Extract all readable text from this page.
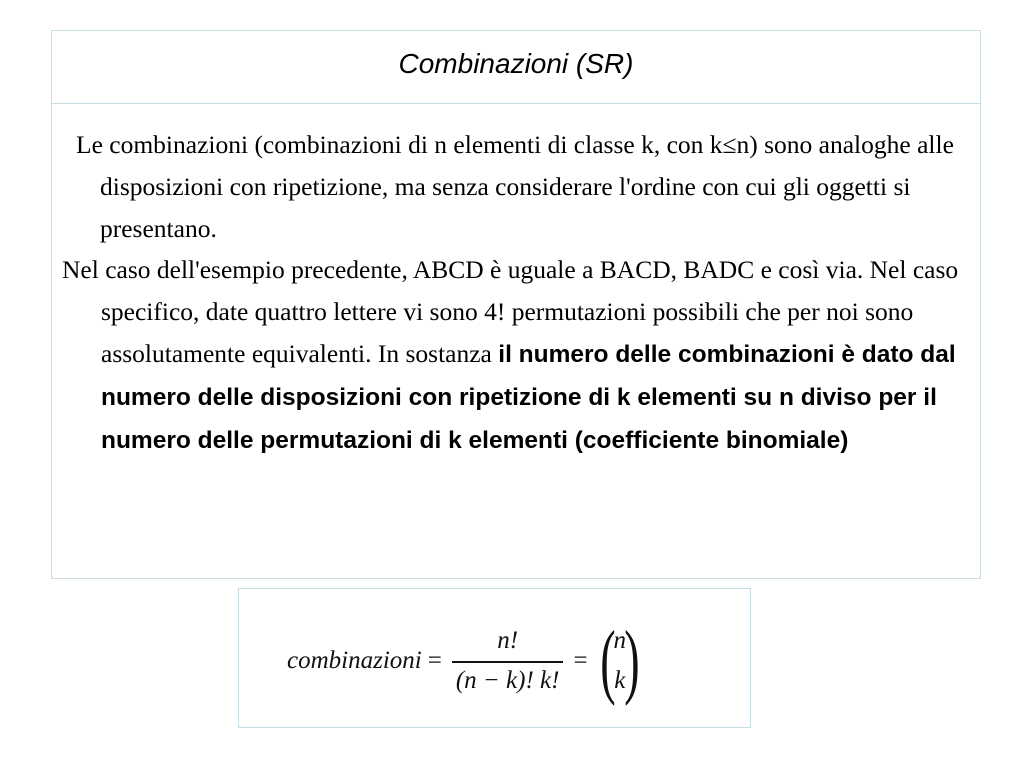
Combinazioni (SR)

Le combinazioni (combinazioni di n elementi di classe k, con k≤n) sono analoghe alle disposizioni con ripetizione, ma senza considerare l'ordine con cui gli oggetti si presentano.

Nel caso dell'esempio precedente, ABCD è uguale a BACD, BADC e così via. Nel caso specifico, date quattro lettere vi sono 4! permutazioni possibili che per noi sono assolutamente equivalenti. In sostanza il numero delle combinazioni è dato dal numero delle disposizioni con ripetizione di k elementi su n diviso per il numero delle permutazioni di k elementi (coefficiente binomiale)

combinazioni = $\frac{n!}{(n - k)! k!}$ = (
n
k
)
